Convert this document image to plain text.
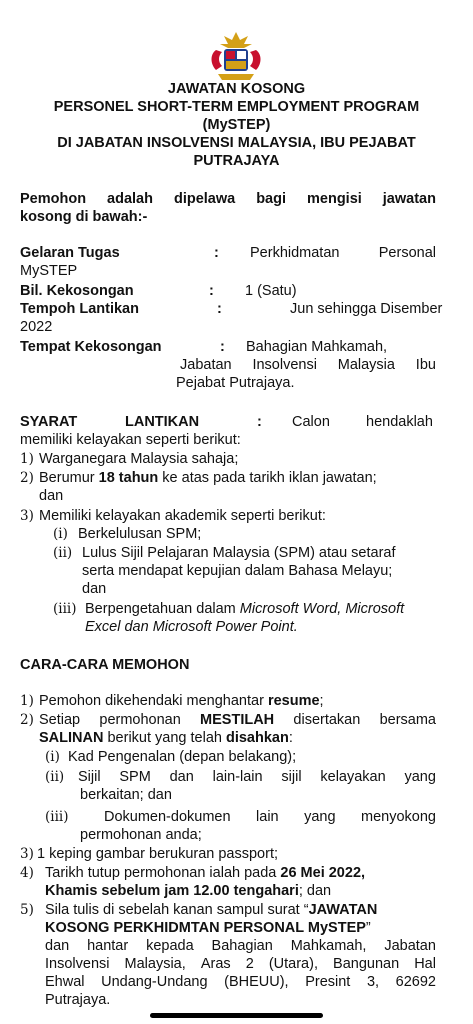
JAWATAN KOSONG
PERSONEL SHORT-TERM EMPLOYMENT PROGRAM
(MySTEP)
DI JABATAN INSOLVENSI MALAYSIA, IBU PEJABAT
PUTRAJAYA
Pemohon adalah dipelawa bagi mengisi jawatan
kosong di bawah:-
Gelaran Tugas	: Perkhidmatan	Personal
MySTEP
Bil. Kekosongan	: 1 (Satu)
Tempoh Lantikan	:	Jun sehingga Disember
2022
Tempat Kekosongan	: Bahagian Mahkamah,
Jabatan Insolvensi Malaysia Ibu
Pejabat Putrajaya.
SYARAT	LANTIKAN	: Calon hendaklah
memiliki kelayakan seperti berikut:
1) Warganegara Malaysia sahaja;
2) Berumur 18 tahun ke atas pada tarikh iklan jawatan;
dan
3) Memiliki kelayakan akademik seperti berikut:
(i) Berkelulusan SPM;
(ii) Lulus Sijil Pelajaran Malaysia (SPM) atau setaraf
serta mendapat kepujian dalam Bahasa Melayu;
dan
(iii) Berpengetahuan dalam Microsoft Word, Microsoft
Excel dan Microsoft Power Point.
CARA-CARA MEMOHON
1) Pemohon dikehendaki menghantar resume;
2) Setiap permohonan MESTILAH disertakan bersama
SALINAN berikut yang telah disahkan:
(i) Kad Pengenalan (depan belakang);
(ii) Sijil SPM dan lain-lain sijil kelayakan yang
berkaitan; dan
(iii) Dokumen-dokumen lain yang menyokong
permohonan anda;
3) 1 keping gambar berukuran passport;
4) Tarikh tutup permohonan ialah pada 26 Mei 2022,
Khamis sebelum jam 12.00 tengahari; dan
5) Sila tulis di sebelah kanan sampul surat “JAWATAN
KOSONG PERKHIDMTAN PERSONAL MySTEP”
dan hantar kepada Bahagian Mahkamah, Jabatan
Insolvensi Malaysia, Aras 2 (Utara), Bangunan Hal
Ehwal Undang-Undang (BHEUU), Presint 3, 62692
Putrajaya.
